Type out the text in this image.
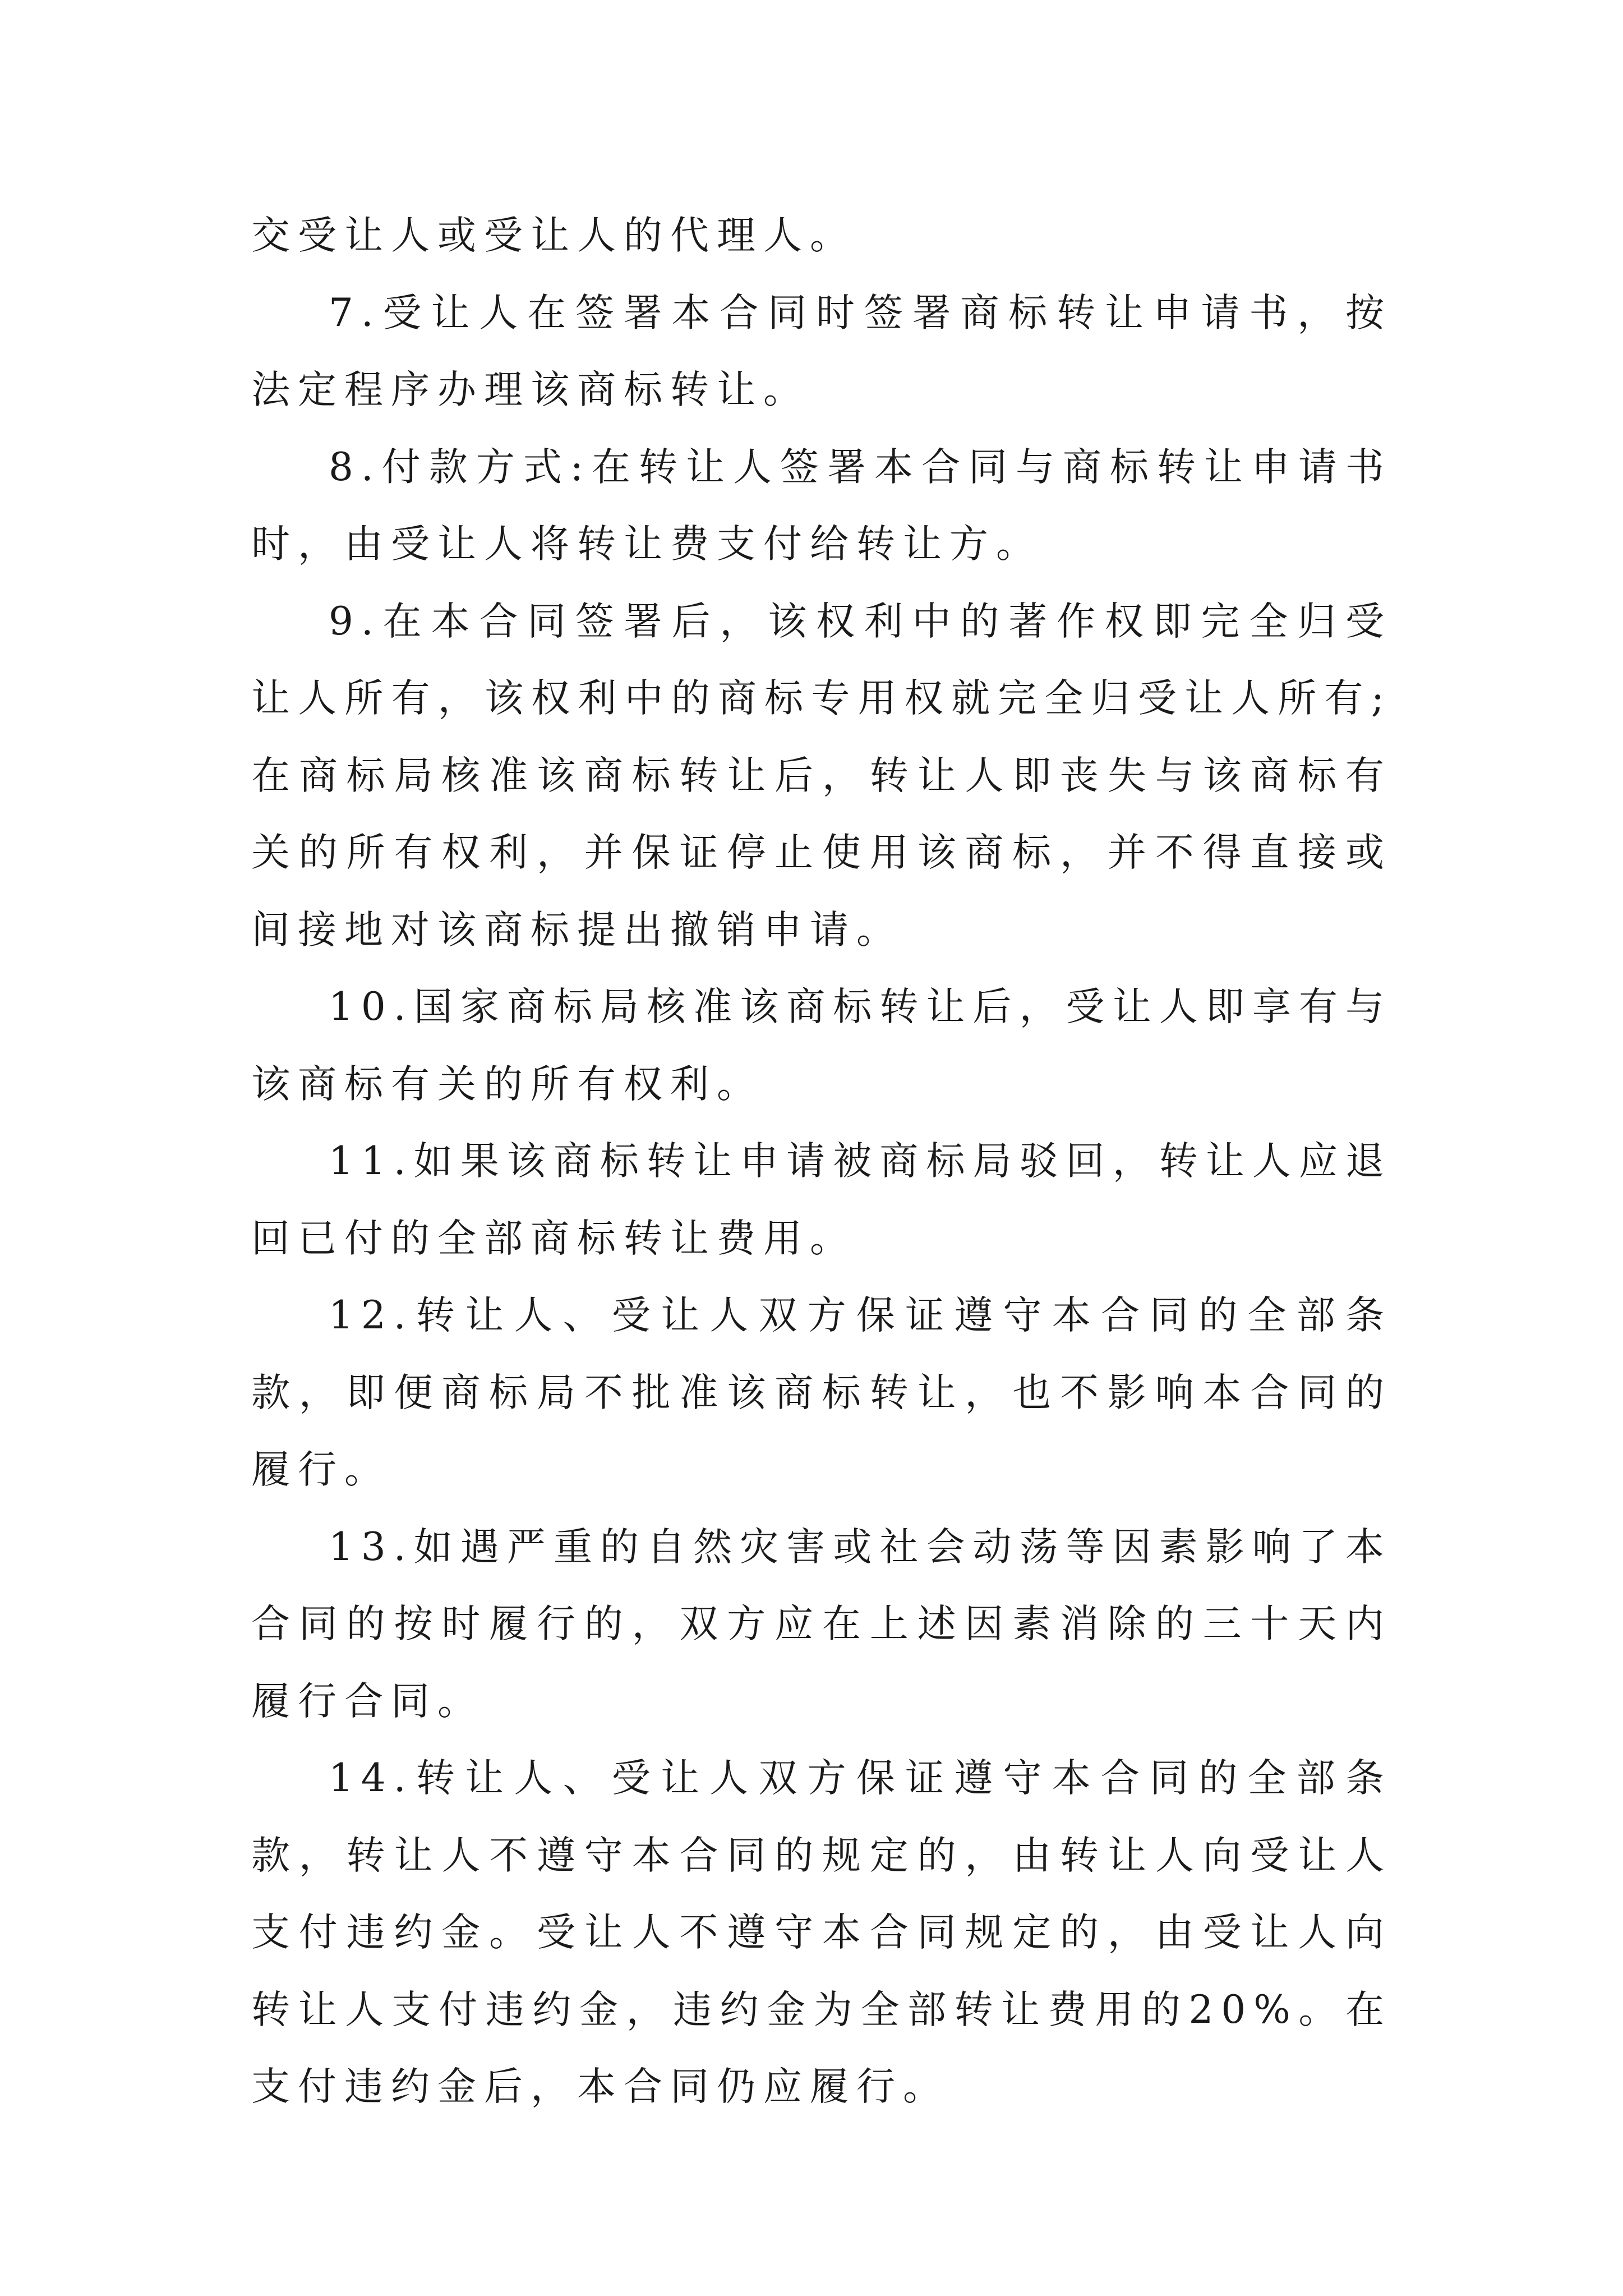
交受让人或受让人的代理人。

7.受让人在签署本合同时签署商标转让申请书，按法定程序办理该商标转让。

8.付款方式:在转让人签署本合同与商标转让申请书时，由受让人将转让费支付给转让方。

9.在本合同签署后，该权利中的著作权即完全归受让人所有，该权利中的商标专用权就完全归受让人所有;在商标局核准该商标转让后，转让人即丧失与该商标有关的所有权利，并保证停止使用该商标，并不得直接或间接地对该商标提出撤销申请。

10.国家商标局核准该商标转让后，受让人即享有与该商标有关的所有权利。

11.如果该商标转让申请被商标局驳回，转让人应退回已付的全部商标转让费用。

12.转让人、受让人双方保证遵守本合同的全部条款，即便商标局不批准该商标转让，也不影响本合同的履行。

13.如遇严重的自然灾害或社会动荡等因素影响了本合同的按时履行的，双方应在上述因素消除的三十天内履行合同。

14.转让人、受让人双方保证遵守本合同的全部条款，转让人不遵守本合同的规定的，由转让人向受让人支付违约金。受让人不遵守本合同规定的，由受让人向转让人支付违约金，违约金为全部转让费用的20%。在支付违约金后，本合同仍应履行。
